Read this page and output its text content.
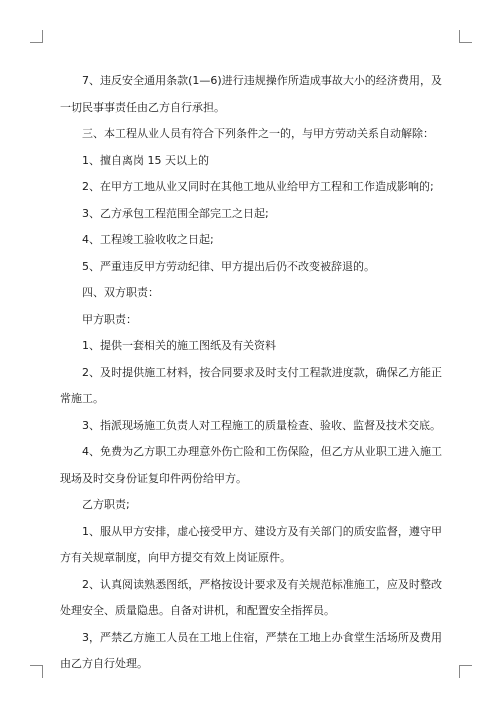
7、违反安全通用条款(1—6)进行违规操作所造成事故大小的经济费用，及一切民事事责任由乙方自行承担。

三、本工程从业人员有符合下列条件之一的，与甲方劳动关系自动解除：

1、擅自离岗 15 天以上的

2、在甲方工地从业又同时在其他工地从业给甲方工程和工作造成影响的;

3、乙方承包工程范围全部完工之日起;

4、工程竣工验收收之日起;

5、严重违反甲方劳动纪律、甲方提出后仍不改变被辞退的。

四、双方职责：

甲方职责：

1、提供一套相关的施工图纸及有关资料

2、及时提供施工材料，按合同要求及时支付工程款进度款，确保乙方能正常施工。

3、指派现场施工负责人对工程施工的质量检查、验收、监督及技术交底。

4、免费为乙方职工办理意外伤亡险和工伤保险，但乙方从业职工进入施工现场及时交身份证复印件两份给甲方。

乙方职责;

1、服从甲方安排，虚心接受甲方、建设方及有关部门的质安监督，遵守甲方有关规章制度，向甲方提交有效上岗证原件。

2、认真阅读熟悉图纸，严格按设计要求及有关规范标准施工，应及时整改处理安全、质量隐患。自备对讲机，和配置安全指挥员。

3，严禁乙方施工人员在工地上住宿，严禁在工地上办食堂生活场所及费用由乙方自行处理。
